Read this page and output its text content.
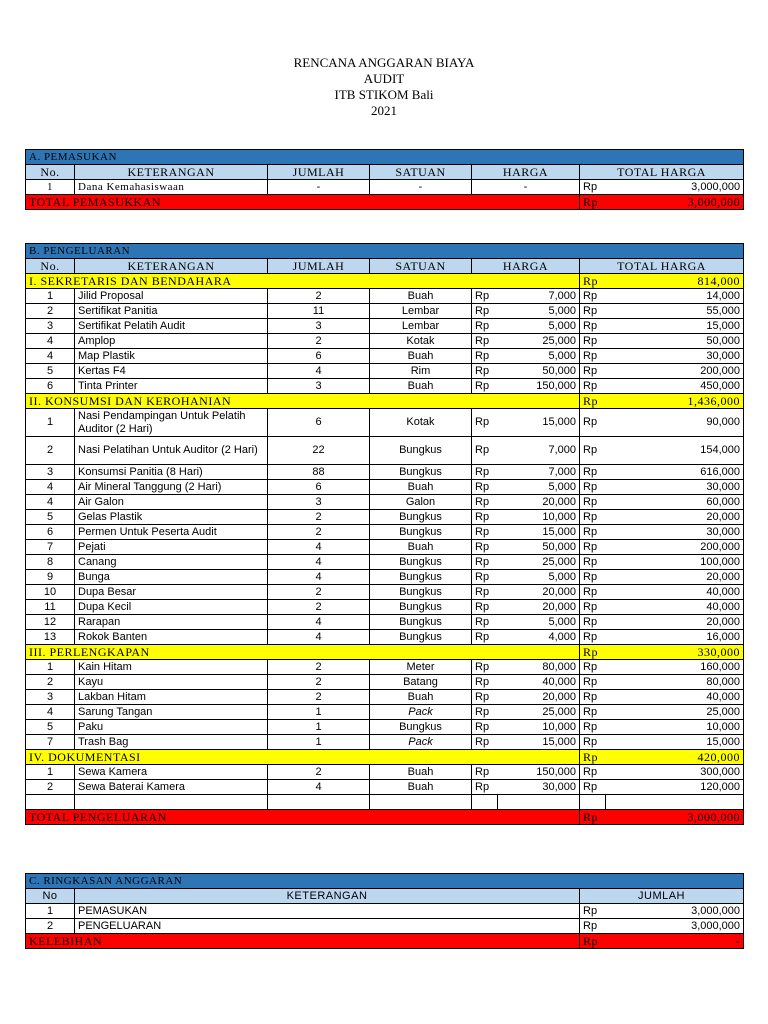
RENCANA ANGGARAN BIAYA
AUDIT
ITB STIKOM Bali
2021
A. PEMASUKAN						
No.	KETERANGAN	JUMLAH	SATUAN	HARGA	TOTAL HARGA	
1	Dana Kemahasiswaan	-	-	-	Rp	3,000,000
TOTAL PEMASUKKAN					Rp	3,000,000
B. PENGELUARAN							
No.	KETERANGAN	JUMLAH	SATUAN	HARGA		TOTAL HARGA	
I. SEKRETARIS DAN BENDAHARA						Rp	814,000
1	Jilid Proposal	2	Buah	Rp	7,000	Rp	14,000
2	Sertifikat Panitia	11	Lembar	Rp	5,000	Rp	55,000
3	Sertifikat Pelatih Audit	3	Lembar	Rp	5,000	Rp	15,000
4	Amplop	2	Kotak	Rp	25,000	Rp	50,000
4	Map Plastik	6	Buah	Rp	5,000	Rp	30,000
5	Kertas F4	4	Rim	Rp	50,000	Rp	200,000
6	Tinta Printer	3	Buah	Rp	150,000	Rp	450,000
II. KONSUMSI DAN KEROHANIAN						Rp	1,436,000
1	Nasi Pendampingan Untuk Pelatih Auditor (2 Hari)	6	Kotak	Rp	15,000	Rp	90,000
2	Nasi Pelatihan Untuk Auditor (2 Hari)	22	Bungkus	Rp	7,000	Rp	154,000
3	Konsumsi Panitia (8 Hari)	88	Bungkus	Rp	7,000	Rp	616,000
4	Air Mineral Tanggung (2 Hari)	6	Buah	Rp	5,000	Rp	30,000
4	Air Galon	3	Galon	Rp	20,000	Rp	60,000
5	Gelas Plastik	2	Bungkus	Rp	10,000	Rp	20,000
6	Permen Untuk Peserta Audit	2	Bungkus	Rp	15,000	Rp	30,000
7	Pejati	4	Buah	Rp	50,000	Rp	200,000
8	Canang	4	Bungkus	Rp	25,000	Rp	100,000
9	Bunga	4	Bungkus	Rp	5,000	Rp	20,000
10	Dupa Besar	2	Bungkus	Rp	20,000	Rp	40,000
11	Dupa Kecil	2	Bungkus	Rp	20,000	Rp	40,000
12	Rarapan	4	Bungkus	Rp	5,000	Rp	20,000
13	Rokok Banten	4	Bungkus	Rp	4,000	Rp	16,000
III. PERLENGKAPAN						Rp	330,000
1	Kain Hitam	2	Meter	Rp	80,000	Rp	160,000
2	Kayu	2	Batang	Rp	40,000	Rp	80,000
3	Lakban Hitam	2	Buah	Rp	20,000	Rp	40,000
4	Sarung Tangan	1	Pack	Rp	25,000	Rp	25,000
5	Paku	1	Bungkus	Rp	10,000	Rp	10,000
7	Trash Bag	1	Pack	Rp	15,000	Rp	15,000
IV. DOKUMENTASI						Rp	420,000
1	Sewa Kamera	2	Buah	Rp	150,000	Rp	300,000
2	Sewa Baterai Kamera	4	Buah	Rp	30,000	Rp	120,000

TOTAL PENGELUARAN						Rp	3,000,000
C. RINGKASAN ANGGARAN			
No	KETERANGAN	JUMLAH	
1	PEMASUKAN	Rp	3,000,000
2	PENGELUARAN	Rp	3,000,000
KELEBIHAN		Rp	-
